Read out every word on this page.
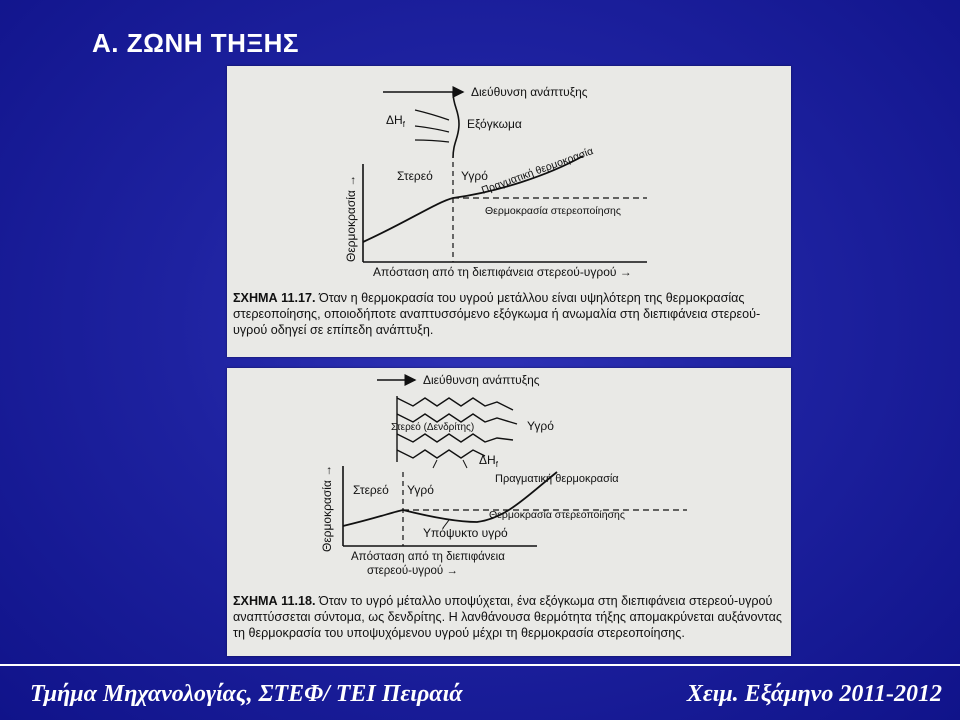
A. ΖΩΝΗ ΤΗΞΗΣ
Διεύθυνση ανάπτυξης
$\Delta H_f$	Εξόγκωμα
Θερμοκρασία →	Στερεό Υγρό
Θερμοκρασία στερεοποίησης
Πραγματική θερμοκρασία
Απόσταση από τη διεπιφάνεια στερεού-υγρού →
ΣΧΗΜΑ 11.17. Όταν η θερμοκρασία του υγρού μετάλλου είναι υψηλότερη της θερμοκρασίας στερεοποίησης, οποιοδήποτε αναπτυσσόμενο εξόγκωμα ή ανωμαλία στη διεπιφάνεια στερεού-υγρού οδηγεί σε επίπεδη ανάπτυξη.
Διεύθυνση ανάπτυξης
Στερεό (Δενδρίτης)	Υγρό
$\Delta H_f$
Θερμοκρασία → Στερεό Υγρό
Θερμοκρασία στερεοποίησης
Πραγματική θερμοκρασία
Υπόψυκτο υγρό
Απόσταση από τη διεπιφάνεια
στερεού-υγρού →
ΣΧΗΜΑ 11.18. Όταν το υγρό μέταλλο υποψύχεται, ένα εξόγκωμα στη διεπιφάνεια στερεού-υγρού αναπτύσσεται σύντομα, ως δενδρίτης. Η λανθάνουσα θερμότητα τήξης απομακρύνεται αυξάνοντας τη θερμοκρασία του υποψυχόμενου υγρού μέχρι τη θερμοκρασία στερεοποίησης.
Τμήμα Μηχανολογίας, ΣΤΕΦ/ ΤΕΙ Πειραιά	Χειμ. Εξάμηνο 2011-2012
